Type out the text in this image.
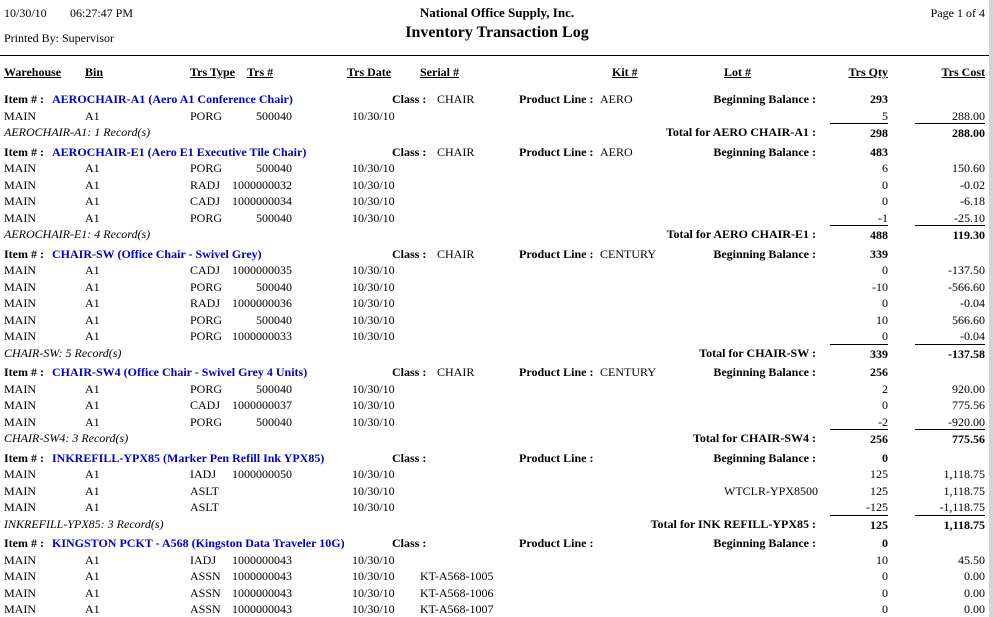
10/30/10 06:27:47 PM	National Office Supply, Inc.	Page 1 of 4
Printed By: Supervisor	Inventory Transaction Log
Warehouse Bin	Trs Type Trs #	Trs Date Serial #	Kit #	Lot #	Trs Qty	Trs Cost
Item # : AEROCHAIR-A1 (Aero A1 Conference Chair)	Class : CHAIR	Product Line : AERO	Beginning Balance :	293
MAIN	A1	PORG	500040	10/30/10	5	288.00
AEROCHAIR-A1: 1 Record(s)	Total for AERO CHAIR-A1 :	298	288.00
Item # : AEROCHAIR-E1 (Aero E1 Executive Tile Chair)	Class : CHAIR	Product Line : AERO	Beginning Balance :	483
MAIN	A1	PORG	500040	10/30/10	6	150.60
MAIN	A1	RADJ 1000000032	10/30/10	0	-0.02
MAIN	A1	CADJ 1000000034	10/30/10	0	-6.18
MAIN	A1	PORG	500040	10/30/10	-1	-25.10
AEROCHAIR-E1: 4 Record(s)	Total for AERO CHAIR-E1 :	488	119.30
Item # : CHAIR-SW (Office Chair - Swivel Grey)	Class : CHAIR	Product Line : CENTURY	Beginning Balance :	339
MAIN	A1	CADJ 1000000035	10/30/10	0	-137.50
MAIN	A1	PORG	500040	10/30/10	-10	-566.60
MAIN	A1	RADJ 1000000036	10/30/10	0	-0.04
MAIN	A1	PORG	500040	10/30/10	10	566.60
MAIN	A1	PORG 1000000033	10/30/10	0	-0.04
CHAIR-SW: 5 Record(s)	Total for CHAIR-SW :	339	-137.58
Item # : CHAIR-SW4 (Office Chair - Swivel Grey 4 Units)	Class : CHAIR	Product Line : CENTURY	Beginning Balance :	256
MAIN	A1	PORG	500040	10/30/10	2	920.00
MAIN	A1	CADJ 1000000037	10/30/10	0	775.56
MAIN	A1	PORG	500040	10/30/10	-2	-920.00
CHAIR-SW4: 3 Record(s)	Total for CHAIR-SW4 :	256	775.56
Item # : INKREFILL-YPX85 (Marker Pen Refill Ink YPX85)	Class :	Product Line :	Beginning Balance :	0
MAIN	A1	IADJ 1000000050	10/30/10	125	1,118.75
MAIN	A1	ASLT	10/30/10	WTCLR-YPX8500	125	1,118.75
MAIN	A1	ASLT	10/30/10	-125	-1,118.75
INKREFILL-YPX85: 3 Record(s)	Total for INK REFILL-YPX85 :	125	1,118.75
Item # : KINGSTON PCKT - A568 (Kingston Data Traveler 10G)	Class :	Product Line :	Beginning Balance :	0
MAIN	A1	IADJ 1000000043	10/30/10	10	45.50
MAIN	A1	ASSN 1000000043	10/30/10 KT-A568-1005	0	0.00
MAIN	A1	ASSN 1000000043	10/30/10 KT-A568-1006	0	0.00
MAIN	A1	ASSN 1000000043	10/30/10 KT-A568-1007	0	0.00
